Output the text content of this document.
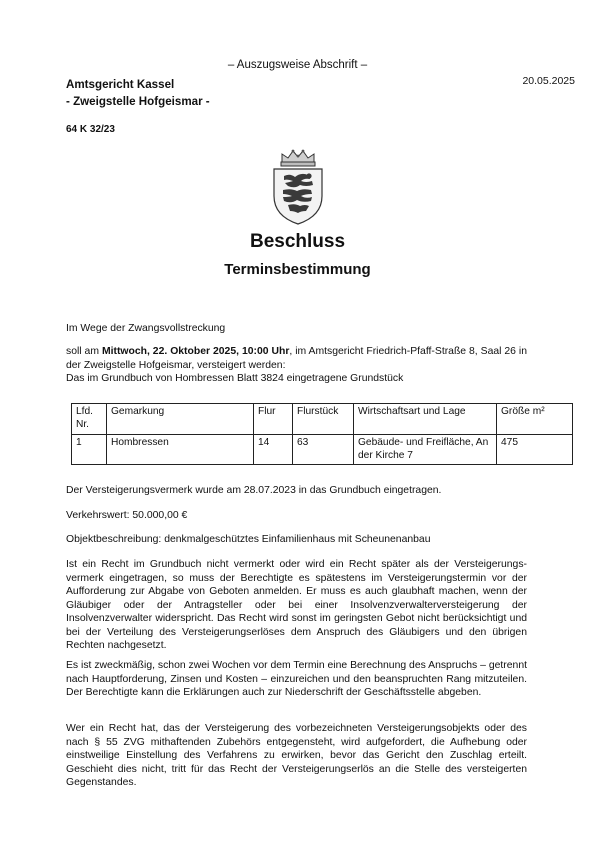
– Auszugsweise Abschrift –
Amtsgericht Kassel
- Zweigstelle Hofgeismar -
20.05.2025
64 K 32/23
Beschluss
Terminsbestimmung
Im Wege der Zwangsvollstreckung
soll am Mittwoch, 22. Oktober 2025, 10:00 Uhr, im Amtsgericht Friedrich-Pfaff-Straße 8, Saal 26 in der Zweigstelle Hofgeismar, versteigert werden:
Das im Grundbuch von Hombressen Blatt 3824 eingetragene Grundstück
Lfd. Nr.	Gemarkung	Flur	Flurstück	Wirtschaftsart und Lage	Größe m²
1	Hombressen	14	63	Gebäude- und Freifläche, An der Kirche 7	475
Der Versteigerungsvermerk wurde am 28.07.2023 in das Grundbuch eingetragen.
Verkehrswert: 50.000,00 €
Objektbeschreibung: denkmalgeschütztes Einfamilienhaus mit Scheunenanbau
Ist ein Recht im Grundbuch nicht vermerkt oder wird ein Recht später als der Versteigerungsvermerk eingetragen, so muss der Berechtigte es spätestens im Versteigerungstermin vor der Aufforderung zur Abgabe von Geboten anmelden. Er muss es auch glaubhaft machen, wenn der Gläubiger oder der Antragsteller oder bei einer Insolvenzverwalterversteigerung der Insolvenzverwalter widerspricht. Das Recht wird sonst im geringsten Gebot nicht berücksichtigt und bei der Verteilung des Versteigerungserlöses dem Anspruch des Gläubigers und den übrigen Rechten nachgesetzt.
Es ist zweckmäßig, schon zwei Wochen vor dem Termin eine Berechnung des Anspruchs – getrennt nach Hauptforderung, Zinsen und Kosten – einzureichen und den beanspruchten Rang mitzuteilen. Der Berechtigte kann die Erklärungen auch zur Niederschrift der Geschäftsstelle abgeben.
Wer ein Recht hat, das der Versteigerung des vorbezeichneten Versteigerungsobjekts oder des nach § 55 ZVG mithaftenden Zubehörs entgegensteht, wird aufgefordert, die Aufhebung oder einstweilige Einstellung des Verfahrens zu erwirken, bevor das Gericht den Zuschlag erteilt. Geschieht dies nicht, tritt für das Recht der Versteigerungserlös an die Stelle des versteigerten Gegenstandes.
